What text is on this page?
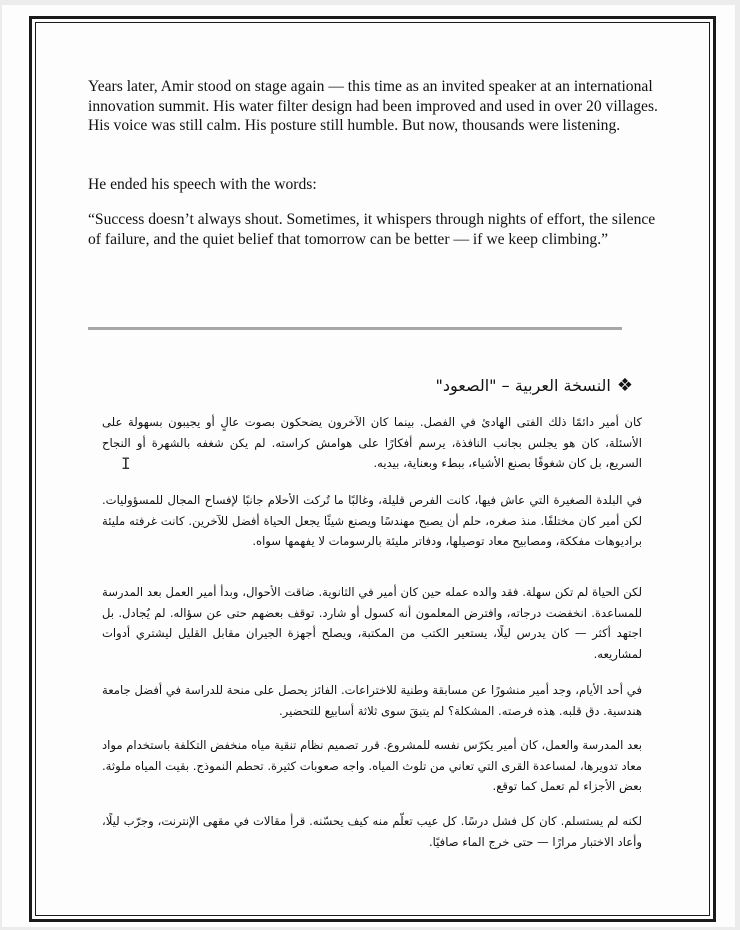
Years later, Amir stood on stage again — this time as an invited speaker at an international innovation summit. His water filter design had been improved and used in over 20 villages. His voice was still calm. His posture still humble. But now, thousands were listening.

He ended his speech with the words:

“Success doesn’t always shout. Sometimes, it whispers through nights of effort, the silence of failure, and the quiet belief that tomorrow can be better — if we keep climbing.”

❖النسخة العربية – "الصعود"

كان أمير دائمًا ذلك الفتى الهادئ في الفصل. بينما كان الآخرون يضحكون بصوت عالٍ أو يجيبون بسهولة على الأسئلة، كان هو يجلس بجانب النافذة، يرسم أفكارًا على هوامش كراسته. لم يكن شغفه بالشهرة أو النجاح السريع، بل كان شغوفًا بصنع الأشياء، ببطء وبعناية، بيديه.

في البلدة الصغيرة التي عاش فيها، كانت الفرص قليلة، وغالبًا ما تُركت الأحلام جانبًا لإفساح المجال للمسؤوليات. لكن أمير كان مختلفًا. منذ صغره، حلم أن يصبح مهندسًا ويصنع شيئًا يجعل الحياة أفضل للآخرين. كانت غرفته مليئة براديوهات مفككة، ومصابيح معاد توصيلها، ودفاتر مليئة بالرسومات لا يفهمها سواه.

لكن الحياة لم تكن سهلة. فقد والده عمله حين كان أمير في الثانوية. ضاقت الأحوال، وبدأ أمير العمل بعد المدرسة للمساعدة. انخفضت درجاته، وافترض المعلمون أنه كسول أو شارد. توقف بعضهم حتى عن سؤاله. لم يُجادل. بل اجتهد أكثر — كان يدرس ليلًا، يستعير الكتب من المكتبة، ويصلح أجهزة الجيران مقابل القليل ليشتري أدوات لمشاريعه.

في أحد الأيام، وجد أمير منشورًا عن مسابقة وطنية للاختراعات. الفائز يحصل على منحة للدراسة في أفضل جامعة هندسية. دق قلبه. هذه فرصته. المشكلة؟ لم يتبقَ سوى ثلاثة أسابيع للتحضير.

بعد المدرسة والعمل، كان أمير يكرّس نفسه للمشروع. قرر تصميم نظام تنقية مياه منخفض التكلفة باستخدام مواد معاد تدويرها، لمساعدة القرى التي تعاني من تلوث المياه. واجه صعوبات كثيرة. تحطم النموذج. بقيت المياه ملوثة. بعض الأجزاء لم تعمل كما توقع.

لكنه لم يستسلم. كان كل فشل درسًا. كل عيب تعلّم منه كيف يحسّنه. قرأ مقالات في مقهى الإنترنت، وجرّب ليلًا، وأعاد الاختبار مرارًا — حتى خرج الماء صافيًا.

I
